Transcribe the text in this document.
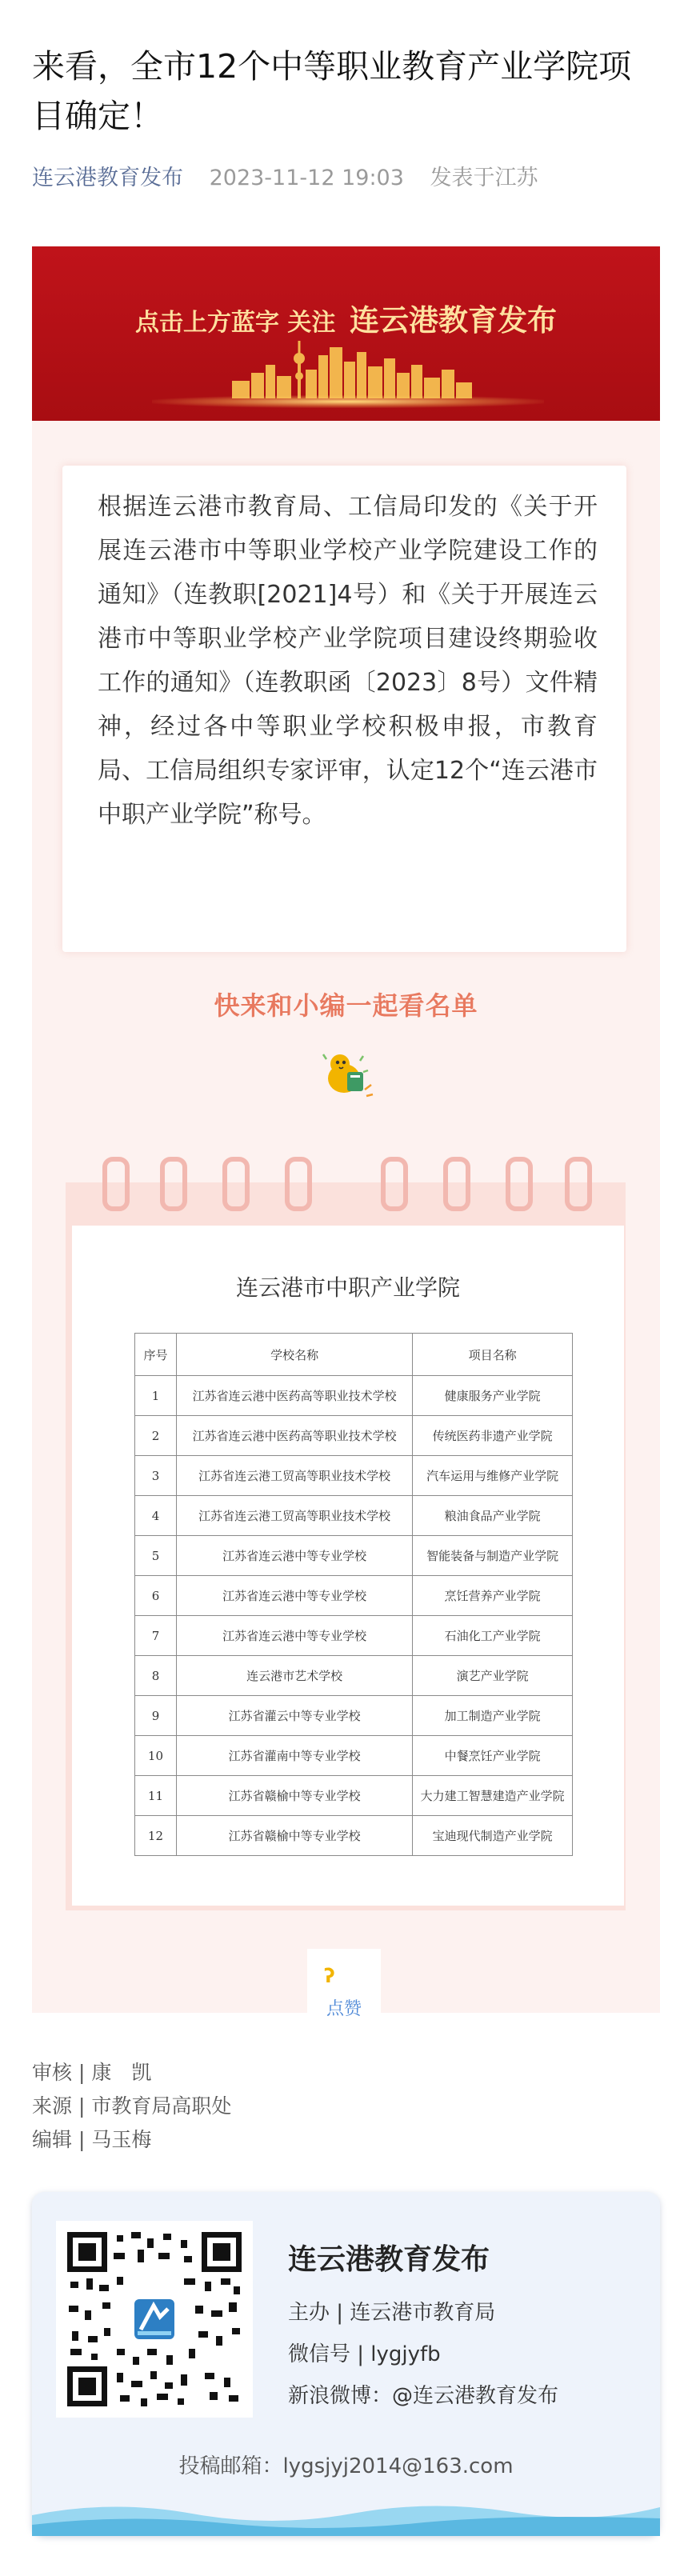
来看，全市12个中等职业教育产业学院项目确定！
连云港教育发布 2023-11-12 19:03 发表于江苏
点击上方蓝字 关注 连云港教育发布
根据连云港市教育局、工信局印发的《关于开展连云港市中等职业学校产业学院建设工作的通知》（连教职[2021]4号）和《关于开展连云港市中等职业学校产业学院项目建设终期验收工作的通知》（连教职函〔2023〕8号）文件精神，经过各中等职业学校积极申报，市教育局、工信局组织专家评审，认定12个“连云港市中职产业学院”称号。
快来和小编一起看名单
连云港市中职产业学院
序号	学校名称	项目名称
1	江苏省连云港中医药高等职业技术学校	健康服务产业学院
2	江苏省连云港中医药高等职业技术学校	传统医药非遗产业学院
3	江苏省连云港工贸高等职业技术学校	汽车运用与维修产业学院
4	江苏省连云港工贸高等职业技术学校	粮油食品产业学院
5	江苏省连云港中等专业学校	智能装备与制造产业学院
6	江苏省连云港中等专业学校	烹饪营养产业学院
7	江苏省连云港中等专业学校	石油化工产业学院
8	连云港市艺术学校	演艺产业学院
9	江苏省灌云中等专业学校	加工制造产业学院
10	江苏省灌南中等专业学校	中餐烹饪产业学院
11	江苏省赣榆中等专业学校	大力建工智慧建造产业学院
12	江苏省赣榆中等专业学校	宝迪现代制造产业学院
ʔ
点赞
审核 | 康　凯
来源 | 市教育局高职处
编辑 | 马玉梅
连云港教育发布
主办 | 连云港市教育局
微信号 | lygjyfb
新浪微博：@连云港教育发布
投稿邮箱：lygsjyj2014@163.com
